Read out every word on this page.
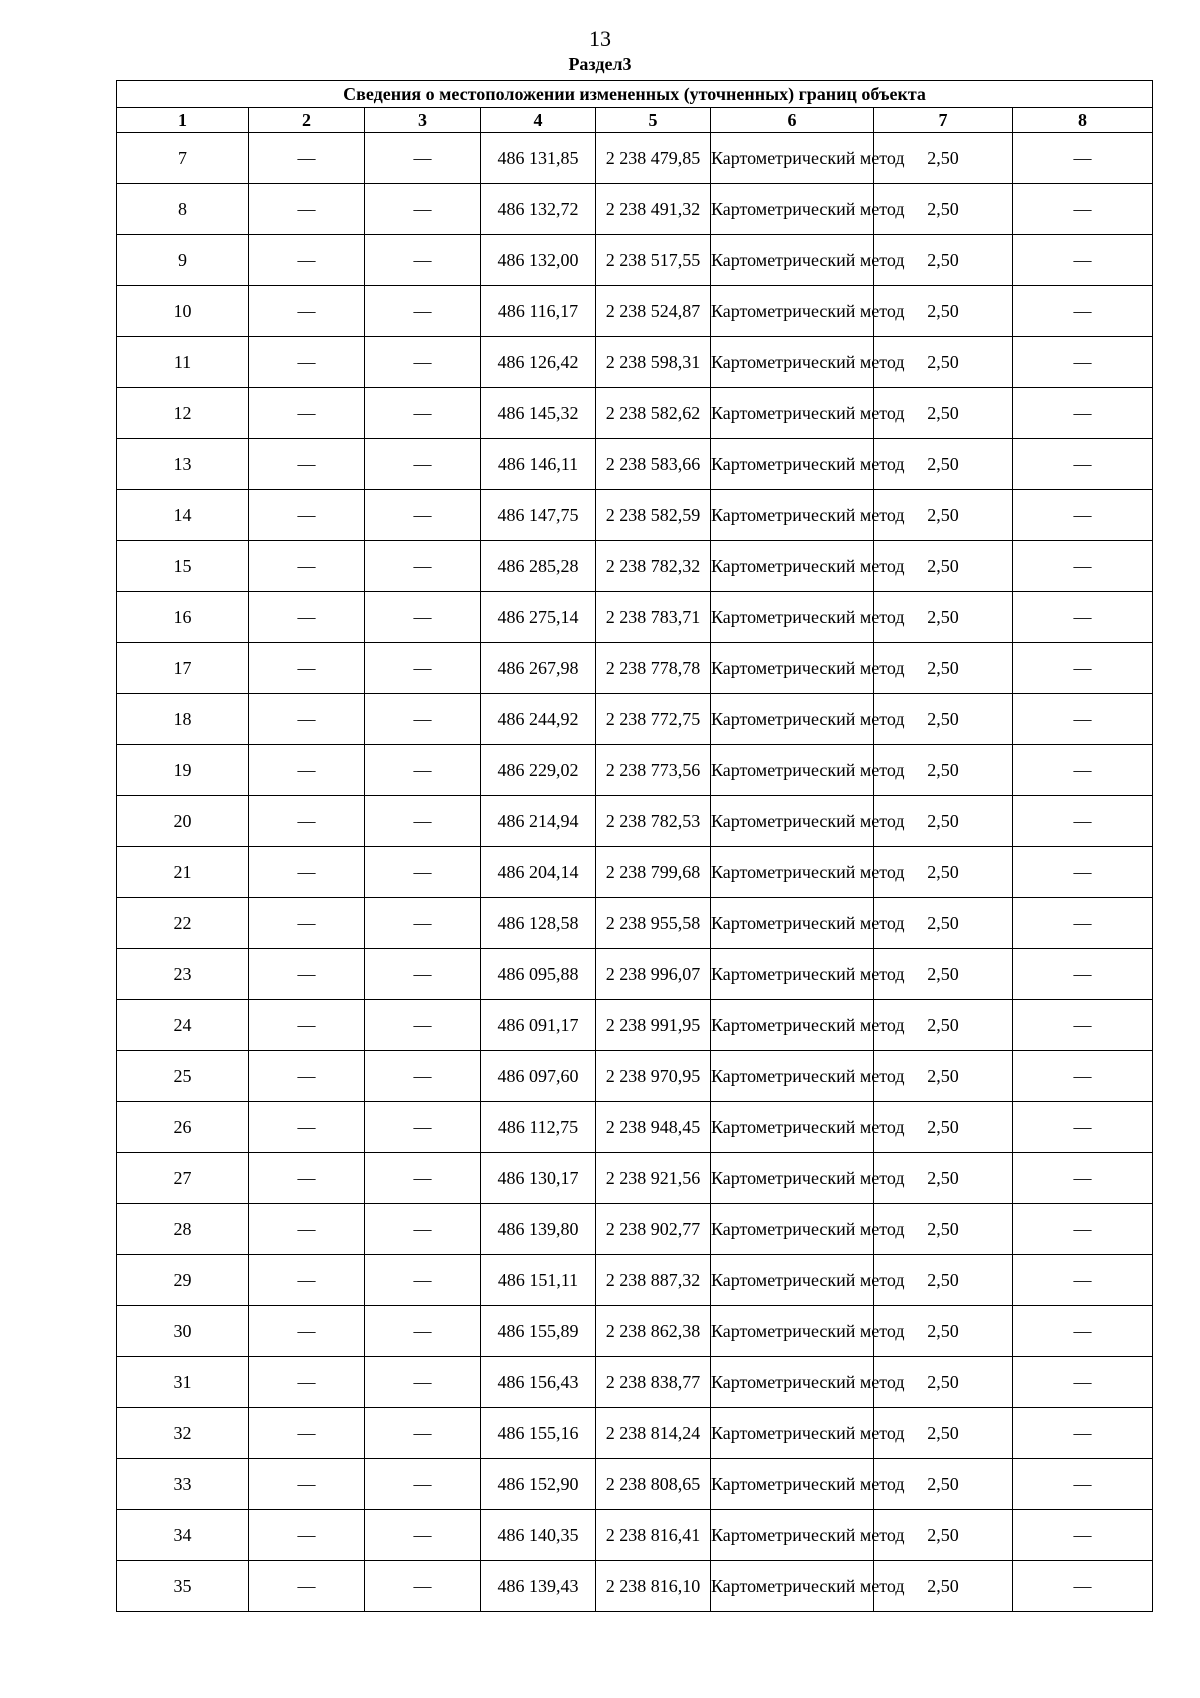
13
Раздел3
Сведения о местоположении измененных (уточненных) границ объекта							
1	2	3	4	5	6	7	8
7	—	—	486 131,85	2 238 479,85	Картометрический метод	2,50	—
8	—	—	486 132,72	2 238 491,32	Картометрический метод	2,50	—
9	—	—	486 132,00	2 238 517,55	Картометрический метод	2,50	—
10	—	—	486 116,17	2 238 524,87	Картометрический метод	2,50	—
11	—	—	486 126,42	2 238 598,31	Картометрический метод	2,50	—
12	—	—	486 145,32	2 238 582,62	Картометрический метод	2,50	—
13	—	—	486 146,11	2 238 583,66	Картометрический метод	2,50	—
14	—	—	486 147,75	2 238 582,59	Картометрический метод	2,50	—
15	—	—	486 285,28	2 238 782,32	Картометрический метод	2,50	—
16	—	—	486 275,14	2 238 783,71	Картометрический метод	2,50	—
17	—	—	486 267,98	2 238 778,78	Картометрический метод	2,50	—
18	—	—	486 244,92	2 238 772,75	Картометрический метод	2,50	—
19	—	—	486 229,02	2 238 773,56	Картометрический метод	2,50	—
20	—	—	486 214,94	2 238 782,53	Картометрический метод	2,50	—
21	—	—	486 204,14	2 238 799,68	Картометрический метод	2,50	—
22	—	—	486 128,58	2 238 955,58	Картометрический метод	2,50	—
23	—	—	486 095,88	2 238 996,07	Картометрический метод	2,50	—
24	—	—	486 091,17	2 238 991,95	Картометрический метод	2,50	—
25	—	—	486 097,60	2 238 970,95	Картометрический метод	2,50	—
26	—	—	486 112,75	2 238 948,45	Картометрический метод	2,50	—
27	—	—	486 130,17	2 238 921,56	Картометрический метод	2,50	—
28	—	—	486 139,80	2 238 902,77	Картометрический метод	2,50	—
29	—	—	486 151,11	2 238 887,32	Картометрический метод	2,50	—
30	—	—	486 155,89	2 238 862,38	Картометрический метод	2,50	—
31	—	—	486 156,43	2 238 838,77	Картометрический метод	2,50	—
32	—	—	486 155,16	2 238 814,24	Картометрический метод	2,50	—
33	—	—	486 152,90	2 238 808,65	Картометрический метод	2,50	—
34	—	—	486 140,35	2 238 816,41	Картометрический метод	2,50	—
35	—	—	486 139,43	2 238 816,10	Картометрический метод	2,50	—
